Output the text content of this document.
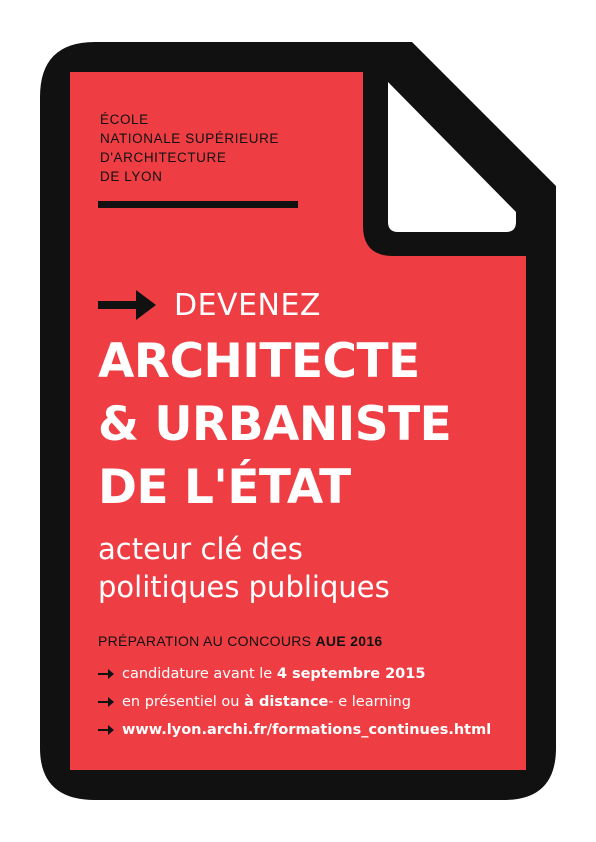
ÉCOLE
NATIONALE SUPÉRIEURE
D'ARCHITECTURE
DE LYON
DEVENEZ
ARCHITECTE
& URBANISTE
DE L'ÉTAT
acteur clé des
politiques publiques
PRÉPARATION AU CONCOURS AUE 2016
candidature avant le
4 septembre 2015
en présentiel ou
à distance - e learning
www.lyon.archi.fr/formations_continues.html
